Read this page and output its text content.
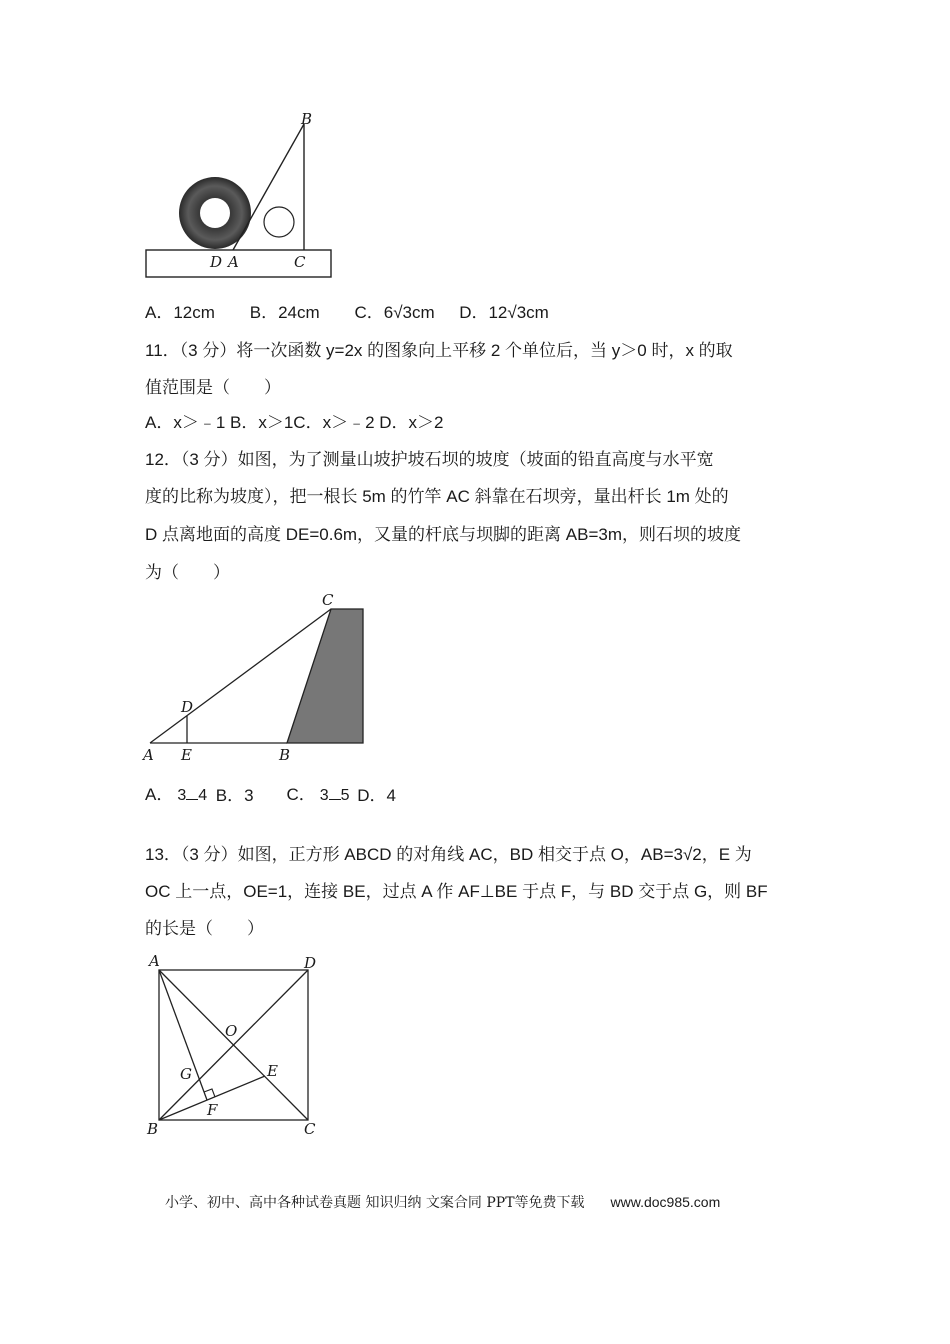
B
D A	C
A．12cm B．24cm C．6√3cm D．12√3cm
11．（3 分）将一次函数 y=2x 的图象向上平移 2 个单位后，当 y＞0 时，x 的取
值范围是（　　）
A．x＞﹣1 B．x＞1C．x＞﹣2 D．x＞2
12．（3 分）如图，为了测量山坡护坡石坝的坡度（坡面的铅直高度与水平宽
度的比称为坡度），把一根长 5m 的竹竿 AC 斜靠在石坝旁，量出杆长 1m 处的
D 点离地面的高度 DE=0.6m，又量的杆底与坝脚的距离 AB=3m，则石坝的坡度
为（　　）
C
D
A E	B
A． 3 4 B．3 C． 3 5 D．4
13．（3 分）如图，正方形 ABCD 的对角线 AC，BD 相交于点 O，AB=3√2，E 为
OC 上一点，OE=1，连接 BE，过点 A 作 AF⊥BE 于点 F，与 BD 交于点 G，则 BF
的长是（　　）
A	D
O
G	E
F
B	C
小学、初中、高中各种试卷真题 知识归纳 文案合同 PPT等免费下载 www.doc985.com
